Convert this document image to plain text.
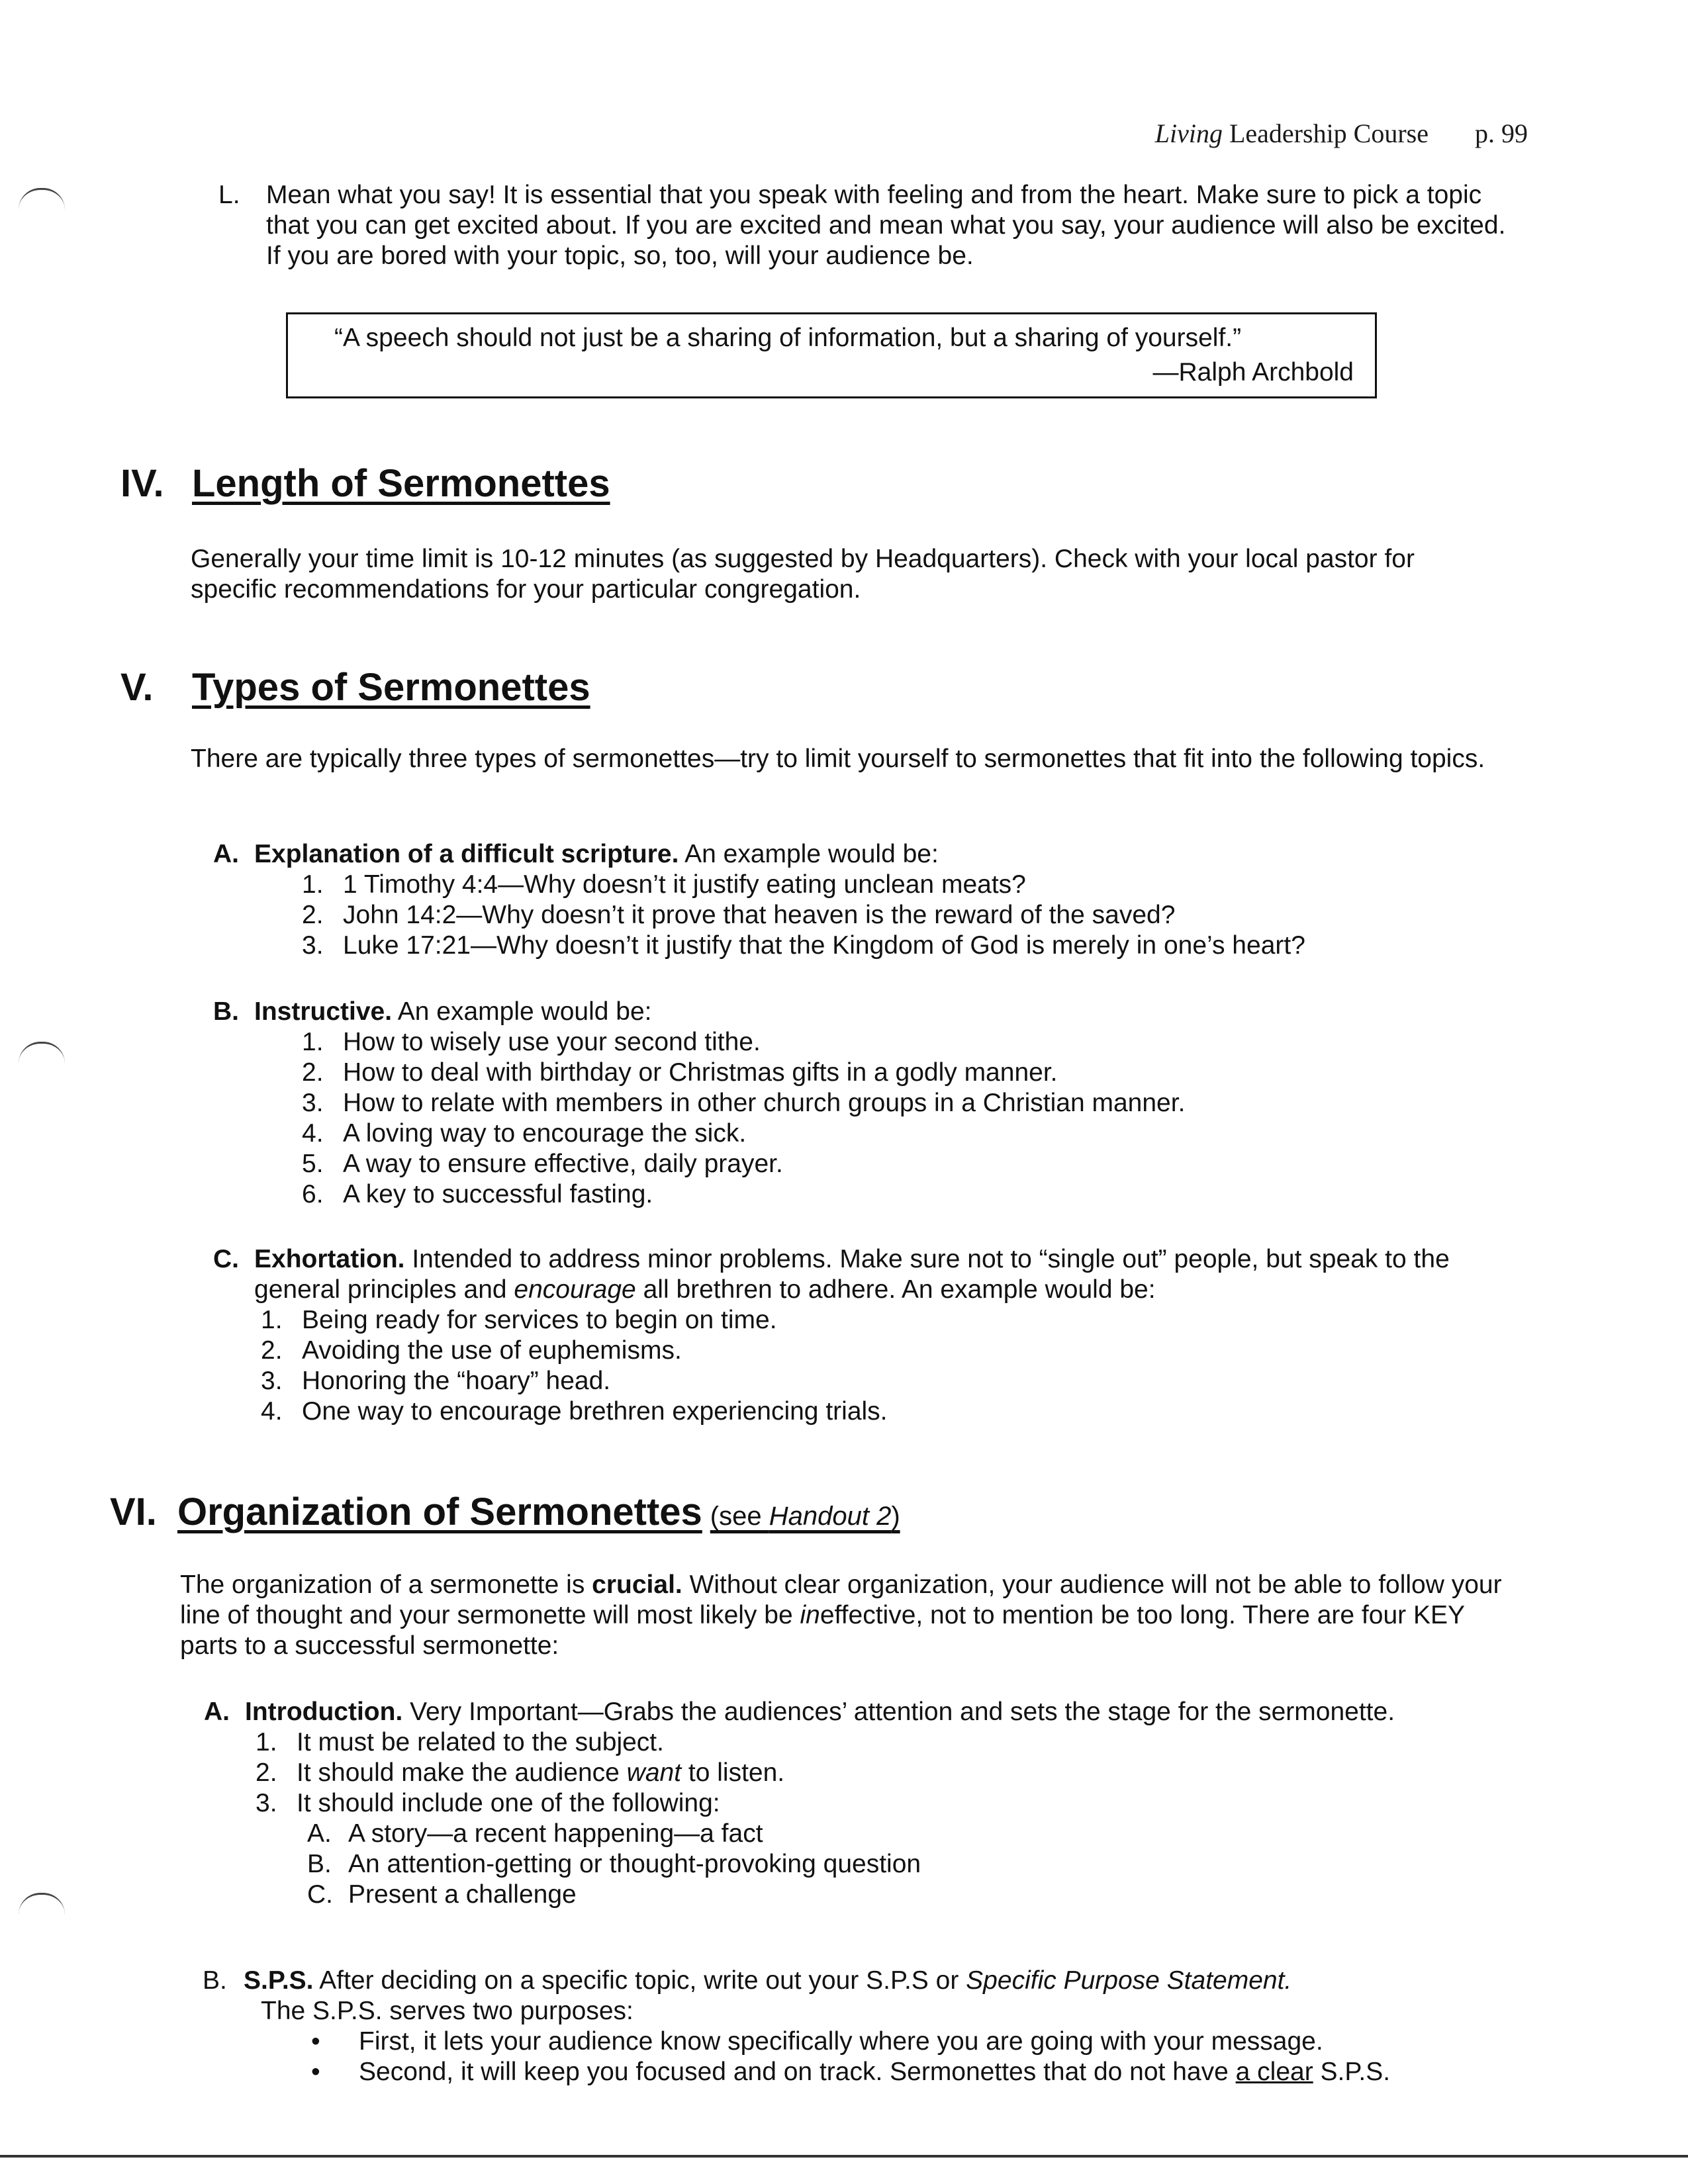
Living Leadership Course p. 99
L. Mean what you say! It is essential that you speak with feeling and from the heart. Make sure to pick a topic that you can get excited about. If you are excited and mean what you say, your audience will also be excited. If you are bored with your topic, so, too, will your audience be.
“A speech should not just be a sharing of information, but a sharing of yourself.”
—Ralph Archbold
IV. Length of Sermonettes

Generally your time limit is 10-12 minutes (as suggested by Headquarters). Check with your local pastor for specific recommendations for your particular congregation.

V. Types of Sermonettes

There are typically three types of sermonettes—try to limit yourself to sermonettes that fit into the following topics.

A. Explanation of a difficult scripture. An example would be:
1. 1 Timothy 4:4—Why doesn’t it justify eating unclean meats?
2. John 14:2—Why doesn’t it prove that heaven is the reward of the saved?
3. Luke 17:21—Why doesn’t it justify that the Kingdom of God is merely in one’s heart?
B. Instructive. An example would be:
1. How to wisely use your second tithe.
2. How to deal with birthday or Christmas gifts in a godly manner.
3. How to relate with members in other church groups in a Christian manner.
4. A loving way to encourage the sick.
5. A way to ensure effective, daily prayer.
6. A key to successful fasting.
C. Exhortation. Intended to address minor problems. Make sure not to “single out” people, but speak to the general principles and encourage all brethren to adhere. An example would be:
1. Being ready for services to begin on time.
2. Avoiding the use of euphemisms.
3. Honoring the “hoary” head.
4. One way to encourage brethren experiencing trials.
VI. Organization of Sermonettes (see Handout 2)

The organization of a sermonette is crucial. Without clear organization, your audience will not be able to follow your line of thought and your sermonette will most likely be ineffective, not to mention be too long. There are four KEY parts to a successful sermonette:

A. Introduction. Very Important—Grabs the audiences’ attention and sets the stage for the sermonette.
1. It must be related to the subject.
2. It should make the audience want to listen.
3. It should include one of the following:
A. A story—a recent happening—a fact
B. An attention-getting or thought-provoking question
C. Present a challenge
B. S.P.S. After deciding on a specific topic, write out your S.P.S or Specific Purpose Statement.
The S.P.S. serves two purposes:
• First, it lets your audience know specifically where you are going with your message.
• Second, it will keep you focused and on track. Sermonettes that do not have a clear S.P.S.
